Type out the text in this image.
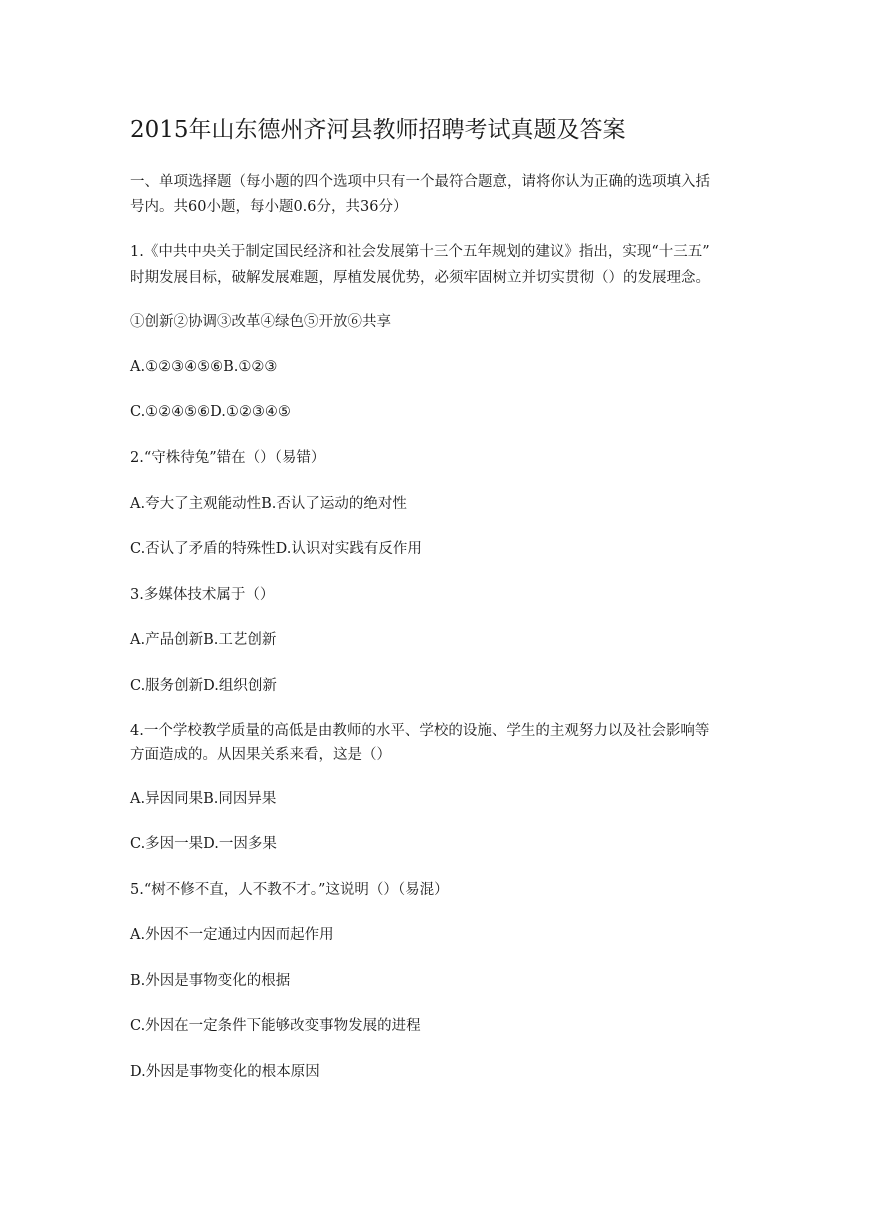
2015年山东德州齐河县教师招聘考试真题及答案
一、单项选择题（每小题的四个选项中只有一个最符合题意，请将你认为正确的选项填入括
号内。共60小题，每小题0.6分，共36分）
1.《中共中央关于制定国民经济和社会发展第十三个五年规划的建议》指出，实现“十三五”
时期发展目标，破解发展难题，厚植发展优势，必须牢固树立并切实贯彻（）的发展理念。
①创新②协调③改革④绿色⑤开放⑥共享
A.①②③④⑤⑥B.①②③
C.①②④⑤⑥D.①②③④⑤
2.“守株待兔”错在（）（易错）
A.夸大了主观能动性B.否认了运动的绝对性
C.否认了矛盾的特殊性D.认识对实践有反作用
3.多媒体技术属于（）
A.产品创新B.工艺创新
C.服务创新D.组织创新
4.一个学校教学质量的高低是由教师的水平、学校的设施、学生的主观努力以及社会影响等
方面造成的。从因果关系来看，这是（）
A.异因同果B.同因异果
C.多因一果D.一因多果
5.“树不修不直，人不教不才。”这说明（）（易混）
A.外因不一定通过内因而起作用
B.外因是事物变化的根据
C.外因在一定条件下能够改变事物发展的进程
D.外因是事物变化的根本原因
